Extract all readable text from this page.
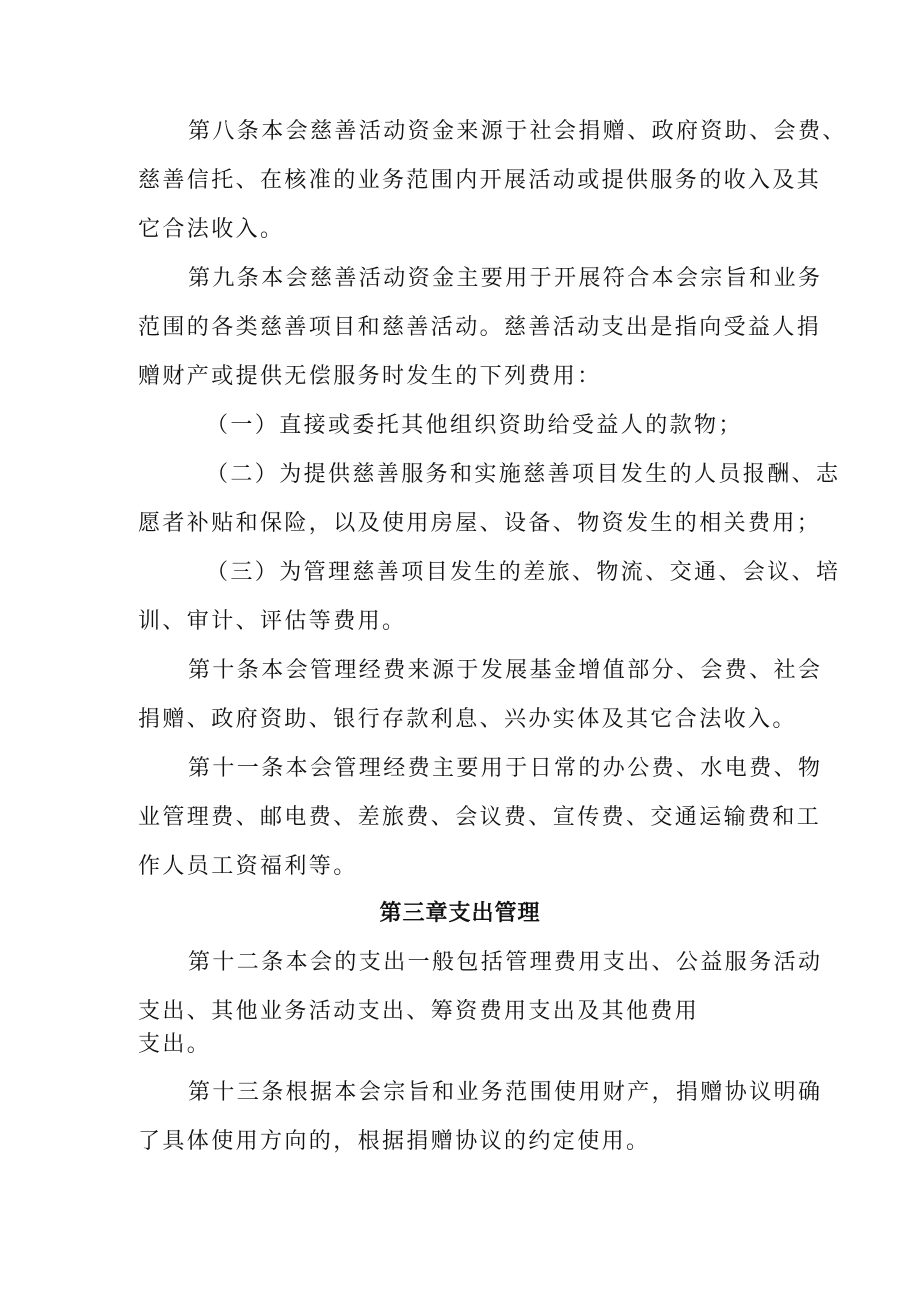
第八条本会慈善活动资金来源于社会捐赠、政府资助、会费、
慈善信托、在核准的业务范围内开展活动或提供服务的收入及其
它合法收入。
第九条本会慈善活动资金主要用于开展符合本会宗旨和业务
范围的各类慈善项目和慈善活动。慈善活动支出是指向受益人捐
赠财产或提供无偿服务时发生的下列费用：
（一）直接或委托其他组织资助给受益人的款物；
（二）为提供慈善服务和实施慈善项目发生的人员报酬、志
愿者补贴和保险，以及使用房屋、设备、物资发生的相关费用；
（三）为管理慈善项目发生的差旅、物流、交通、会议、培
训、审计、评估等费用。
第十条本会管理经费来源于发展基金增值部分、会费、社会
捐赠、政府资助、银行存款利息、兴办实体及其它合法收入。
第十一条本会管理经费主要用于日常的办公费、水电费、物
业管理费、邮电费、差旅费、会议费、宣传费、交通运输费和工
作人员工资福利等。
第三章支出管理
第十二条本会的支出一般包括管理费用支出、公益服务活动
支出、其他业务活动支出、筹资费用支出及其他费用
支出。
第十三条根据本会宗旨和业务范围使用财产，捐赠协议明确
了具体使用方向的，根据捐赠协议的约定使用。
